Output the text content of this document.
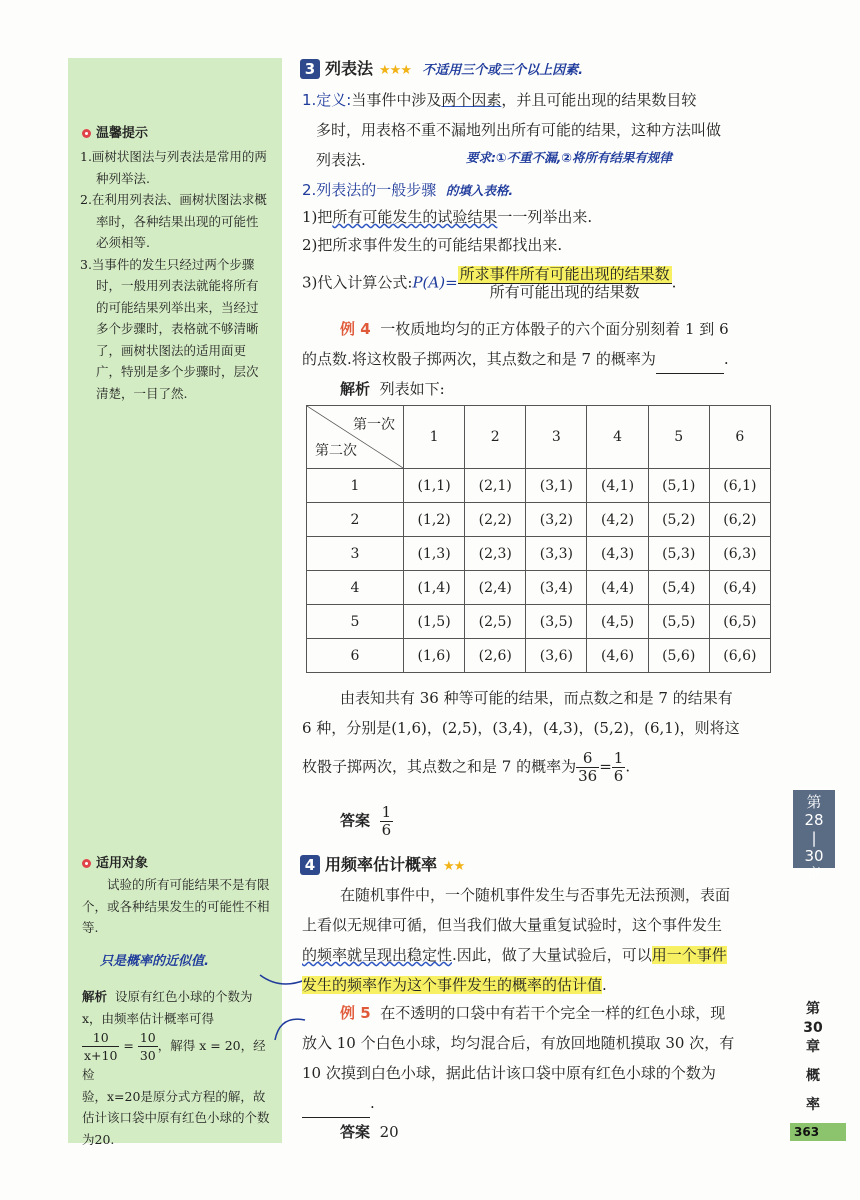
温馨提示
1.画树状图法与列表法是常用的两种列举法.
2.在利用列表法、画树状图法求概率时，各种结果出现的可能性必须相等.
3.当事件的发生只经过两个步骤时，一般用列表法就能将所有的可能结果列举出来，当经过多个步骤时，表格就不够清晰了，画树状图法的适用面更广，特别是多个步骤时，层次清楚，一目了然.
适用对象
试验的所有可能结果不是有限个，或各种结果发生的可能性不相等.
只是概率的近似值.
解析 设原有红色小球的个数为x，由频率估计概率可得

$\frac{10}{x+10} = \frac{10}{30}$ ，解得 x = 20，经检
验，x=20是原分式方程的解，故估计该口袋中原有红色小球的个数为20.
3 列表法 ★★★ 不适用三个或三个以上因素.
1.定义:当事件中涉及两个因素，并且可能出现的结果数目较
多时，用表格不重不漏地列出所有可能的结果，这种方法叫做
列表法.	要求:①不重不漏,②将所有结果有规律
2.列表法的一般步骤 的填入表格.
1)把所有可能发生的试验结果一一列举出来.
2)把所求事件发生的可能结果都找出来.
3)代入计算公式:P(A)= $\frac{\text{所求事件所有可能出现的结果数}}{\text{所有可能出现的结果数}}$ .
例 4 一枚质地均匀的正方体骰子的六个面分别刻着 1 到 6
的点数.将这枚骰子掷两次，其点数之和是 7 的概率为	.
解析 列表如下:
第一次
第二次	1	2	3	4	5	6
1	(1,1)	(2,1)	(3,1)	(4,1)	(5,1)	(6,1)
2	(1,2)	(2,2)	(3,2)	(4,2)	(5,2)	(6,2)
3	(1,3)	(2,3)	(3,3)	(4,3)	(5,3)	(6,3)
4	(1,4)	(2,4)	(3,4)	(4,4)	(5,4)	(6,4)
5	(1,5)	(2,5)	(3,5)	(4,5)	(5,5)	(6,5)
6	(1,6)	(2,6)	(3,6)	(4,6)	(5,6)	(6,6)
由表知共有 36 种等可能的结果，而点数之和是 7 的结果有
6 种，分别是(1,6)，(2,5)，(3,4)，(4,3)，(5,2)，(6,1)，则将这
枚骰子掷两次，其点数之和是 7 的概率为 $\frac{6}{36} = \frac{1}{6}$ .
答案 $\frac{1}{6}$
4 用频率估计概率 ★★
在随机事件中，一个随机事件发生与否事先无法预测，表面
上看似无规律可循，但当我们做大量重复试验时，这个事件发生
的频率就呈现出稳定性.因此，做了大量试验后，可以用一个事件
发生的频率作为这个事件发生的概率的估计值.
例 5 在不透明的口袋中有若干个完全一样的红色小球，现
放入 10 个白色小球，均匀混合后，有放回地随机摸取 30 次，有
10 次摸到白色小球，据此估计该口袋中原有红色小球的个数为
.
答案 20
第
28
|
30
章
第
30
章
概
率
363
